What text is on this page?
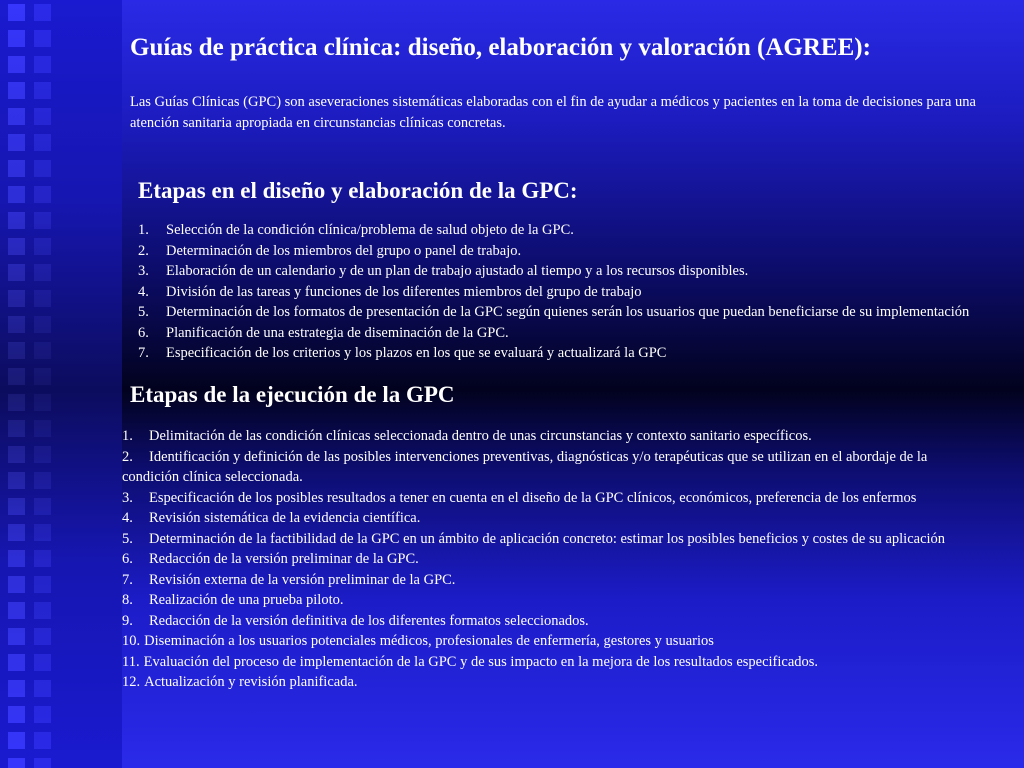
Guías de práctica clínica: diseño, elaboración y valoración (AGREE):
Las Guías Clínicas (GPC) son aseveraciones sistemáticas elaboradas con el fin de ayudar a médicos y pacientes en la toma de decisiones para una atención sanitaria apropiada en circunstancias clínicas concretas.
Etapas en el diseño y elaboración de la GPC:
1. Selección de la condición clínica/problema de salud objeto de la GPC.
2. Determinación de los miembros del grupo o panel de trabajo.
3. Elaboración de un calendario y de un plan de trabajo ajustado al tiempo y a los recursos disponibles.
4. División de las tareas y funciones de los diferentes miembros del grupo de trabajo
5. Determinación de los formatos de presentación de la GPC según quienes serán los usuarios que puedan beneficiarse de su implementación
6. Planificación de una estrategia de diseminación de la GPC.
7. Especificación de los criterios y los plazos en los que se evaluará y actualizará la GPC
Etapas de la ejecución de la GPC
1. Delimitación de las condición clínicas seleccionada dentro de unas circunstancias y contexto sanitario específicos.
2. Identificación y definición de las posibles intervenciones preventivas, diagnósticas y/o terapéuticas que se utilizan en el abordaje de la
condición clínica seleccionada.
3. Especificación de los posibles resultados a tener en cuenta en el diseño de la GPC clínicos, económicos, preferencia de los enfermos
4. Revisión sistemática de la evidencia científica.
5. Determinación de la factibilidad de la GPC en un ámbito de aplicación concreto: estimar los posibles beneficios y costes de su aplicación
6. Redacción de la versión preliminar de la GPC.
7. Revisión externa de la versión preliminar de la GPC.
8. Realización de una prueba piloto.
9. Redacción de la versión definitiva de los diferentes formatos seleccionados.
10. Diseminación a los usuarios potenciales médicos, profesionales de enfermería, gestores y usuarios
11. Evaluación del proceso de implementación de la GPC y de sus impacto en la mejora de los resultados especificados.
12. Actualización y revisión planificada.
